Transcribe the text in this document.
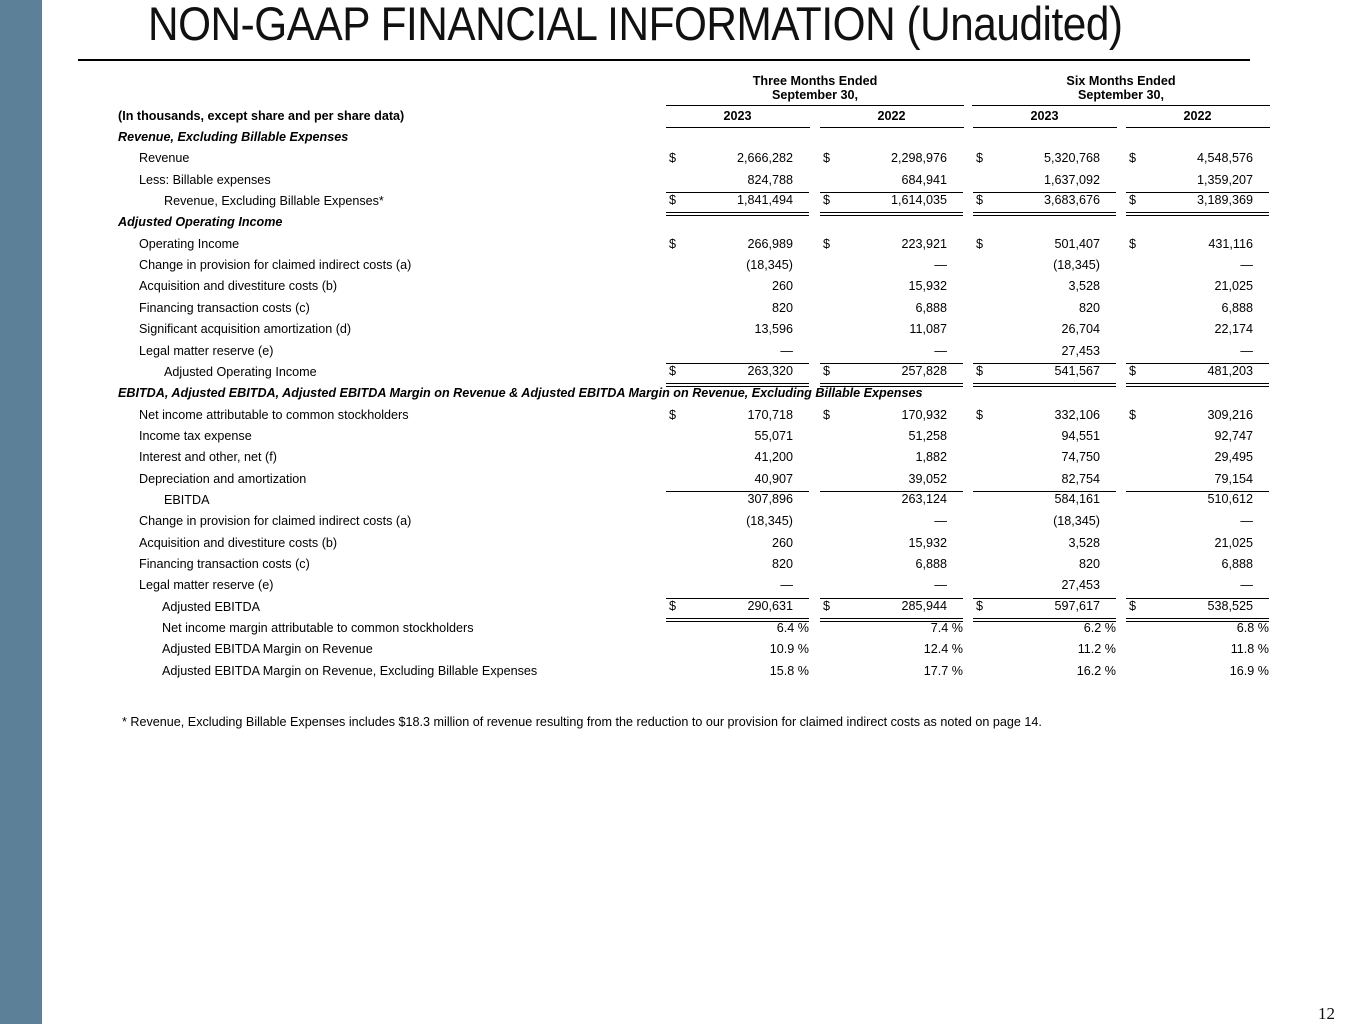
NON-GAAP FINANCIAL INFORMATION (Unaudited)
Three Months Ended
September 30,
Six Months Ended
September 30,
(In thousands, except share and per share data)	2023	2022	2023	2022
Revenue, Excluding Billable Expenses
Revenue	$	2,666,282 $	2,298,976 $	5,320,768 $	4,548,576
Less: Billable expenses	824,788	684,941	1,637,092	1,359,207
Revenue, Excluding Billable Expenses*	$	1,841,494 $	1,614,035 $	3,683,676 $	3,189,369
Adjusted Operating Income
Operating Income	$	266,989 $	223,921 $	501,407 $	431,116
Change in provision for claimed indirect costs (a)	(18,345)	—	(18,345)	—
Acquisition and divestiture costs (b)	260	15,932	3,528	21,025
Financing transaction costs (c)	820	6,888	820	6,888
Significant acquisition amortization (d)	13,596	11,087	26,704	22,174
Legal matter reserve (e)	—	—	27,453	—
Adjusted Operating Income	$	263,320 $	257,828 $	541,567 $	481,203
EBITDA, Adjusted EBITDA, Adjusted EBITDA Margin on Revenue & Adjusted EBITDA Margin on Revenue, Excluding Billable Expenses
Net income attributable to common stockholders	$	170,718 $	170,932 $	332,106 $	309,216
Income tax expense	55,071	51,258	94,551	92,747
Interest and other, net (f)	41,200	1,882	74,750	29,495
Depreciation and amortization	40,907	39,052	82,754	79,154
EBITDA	307,896	263,124	584,161	510,612
Change in provision for claimed indirect costs (a)	(18,345)	—	(18,345)	—
Acquisition and divestiture costs (b)	260	15,932	3,528	21,025
Financing transaction costs (c)	820	6,888	820	6,888
Legal matter reserve (e)	—	—	27,453	—
Adjusted EBITDA	$	290,631 $	285,944 $	597,617 $	538,525
Net income margin attributable to common stockholders	6.4 %	7.4 %	6.2 %	6.8 %
Adjusted EBITDA Margin on Revenue	10.9 %	12.4 %	11.2 %	11.8 %
Adjusted EBITDA Margin on Revenue, Excluding Billable Expenses	15.8 %	17.7 %	16.2 %	16.9 %
* Revenue, Excluding Billable Expenses includes $18.3 million of revenue resulting from the reduction to our provision for claimed indirect costs as noted on page 14.
12
